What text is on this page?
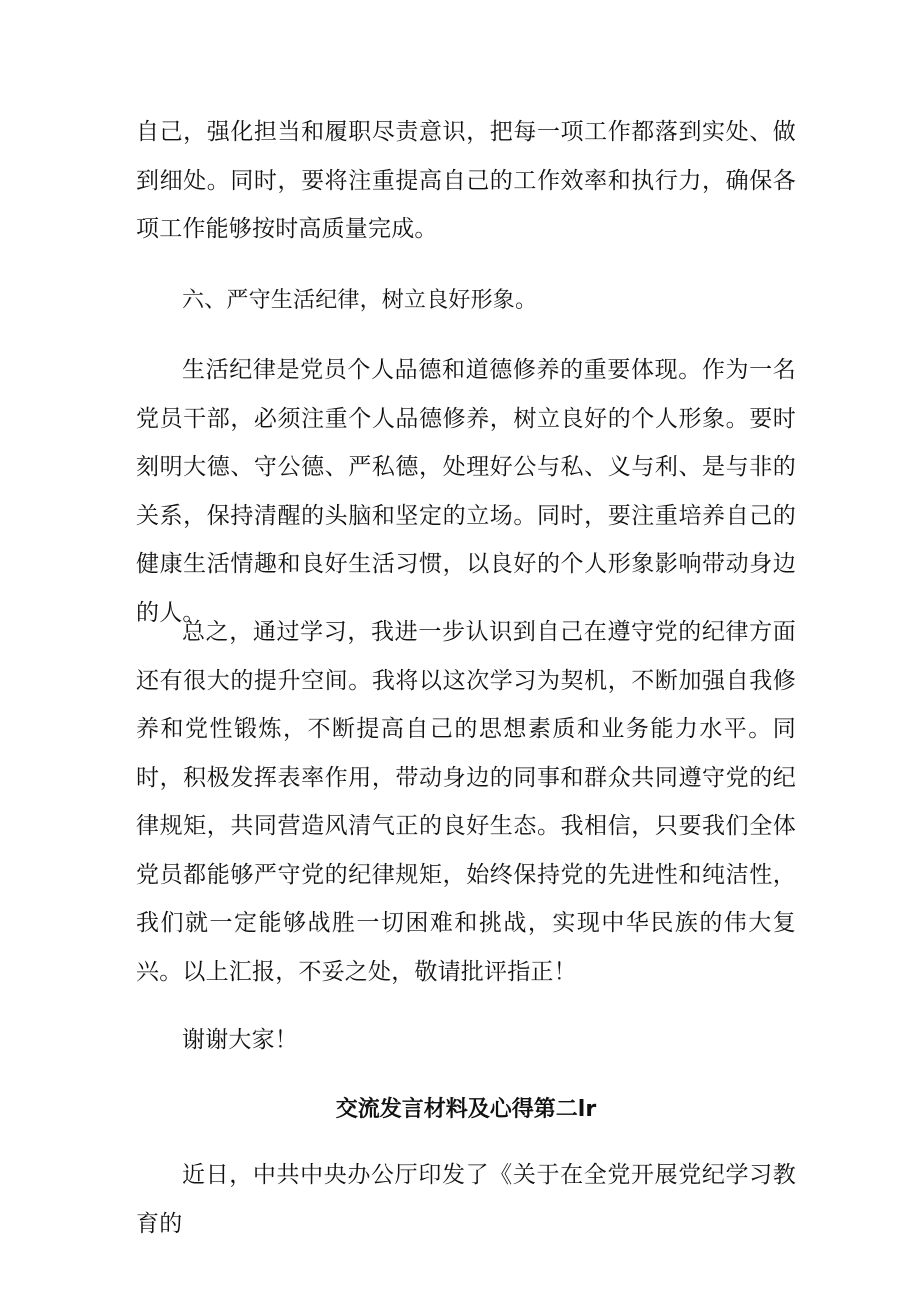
自己，强化担当和履职尽责意识，把每一项工作都落到实处、做到细处。同时，要将注重提高自己的工作效率和执行力，确保各项工作能够按时高质量完成。

六、严守生活纪律，树立良好形象。

生活纪律是党员个人品德和道德修养的重要体现。作为一名党员干部，必须注重个人品德修养，树立良好的个人形象。要时刻明大德、守公德、严私德，处理好公与私、义与利、是与非的关系，保持清醒的头脑和坚定的立场。同时，要注重培养自己的健康生活情趣和良好生活习惯，以良好的个人形象影响带动身边的人。

总之，通过学习，我进一步认识到自己在遵守党的纪律方面还有很大的提升空间。我将以这次学习为契机，不断加强自我修养和党性锻炼，不断提高自己的思想素质和业务能力水平。同时，积极发挥表率作用，带动身边的同事和群众共同遵守党的纪律规矩，共同营造风清气正的良好生态。我相信，只要我们全体党员都能够严守党的纪律规矩，始终保持党的先进性和纯洁性，我们就一定能够战胜一切困难和挑战，实现中华民族的伟大复兴。以上汇报，不妥之处，敬请批评指正！

谢谢大家！

交流发言材料及心得第二lr

近日，中共中央办公厅印发了《关于在全党开展党纪学习教育的
